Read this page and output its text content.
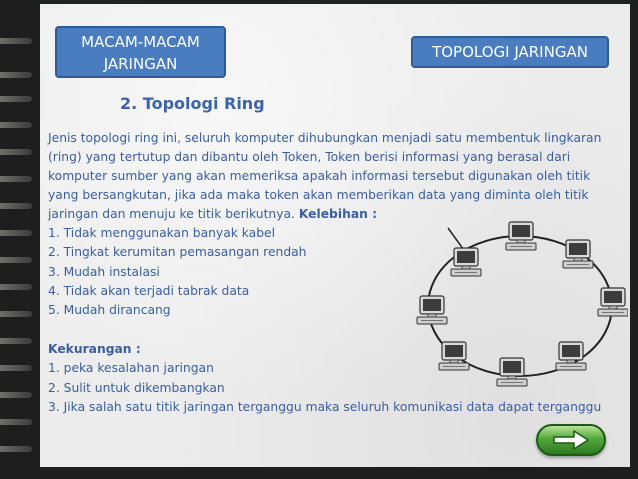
MACAM-MACAM
JARINGAN
TOPOLOGI JARINGAN
2. Topologi Ring
Jenis topologi ring ini, seluruh komputer dihubungkan menjadi satu membentuk lingkaran
(ring) yang tertutup dan dibantu oleh Token, Token berisi informasi yang berasal dari
komputer sumber yang akan memeriksa apakah informasi tersebut digunakan oleh titik
yang bersangkutan, jika ada maka token akan memberikan data yang diminta oleh titik
jaringan dan menuju ke titik berikutnya. Kelebihan :
1. Tidak menggunakan banyak kabel
2. Tingkat kerumitan pemasangan rendah
3. Mudah instalasi
4. Tidak akan terjadi tabrak data
5. Mudah dirancang
Kekurangan :
1. peka kesalahan jaringan
2. Sulit untuk dikembangkan
3. Jika salah satu titik jaringan terganggu maka seluruh komunikasi data dapat terganggu
